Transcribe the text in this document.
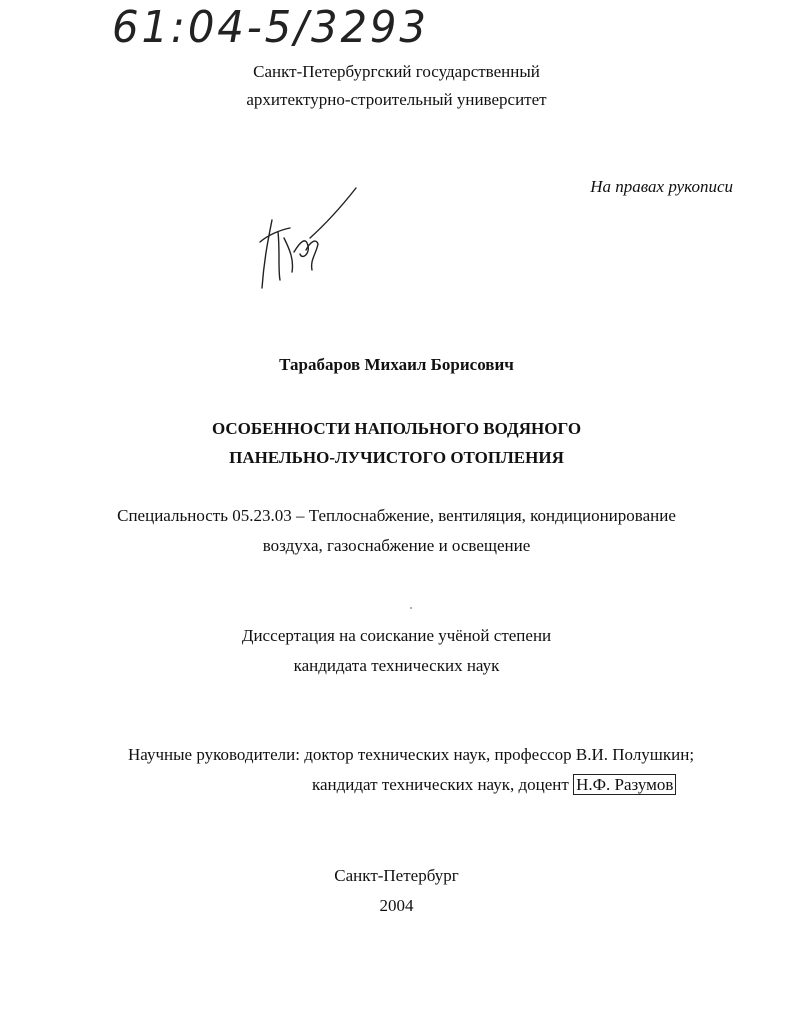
61:04-5/3293
Санкт-Петербургский государственный
архитектурно-строительный университет
На правах рукописи
Тарабаров Михаил Борисович
ОСОБЕННОСТИ НАПОЛЬНОГО ВОДЯНОГО
ПАНЕЛЬНО-ЛУЧИСТОГО ОТОПЛЕНИЯ
Специальность 05.23.03 – Теплоснабжение, вентиляция, кондиционирование
воздуха, газоснабжение и освещение
Диссертация на соискание учёной степени
кандидата технических наук
Научные руководители: доктор технических наук, профессор В.И. Полушкин;
кандидат технических наук, доцент Н.Ф. Разумов
Санкт-Петербург
2004
